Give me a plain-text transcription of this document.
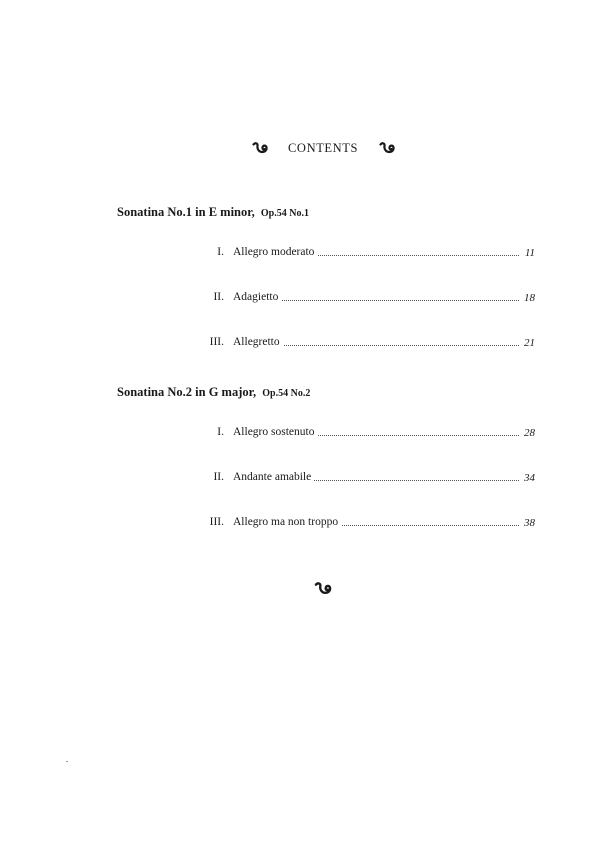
CONTENTS
Sonatina No.1 in E minor, Op.54 No.1
I. Allegro moderato	11
II. Adagietto	18
III. Allegretto	21
Sonatina No.2 in G major, Op.54 No.2
I. Allegro sostenuto	28
II. Andante amabile	34
III. Allegro ma non troppo	38
